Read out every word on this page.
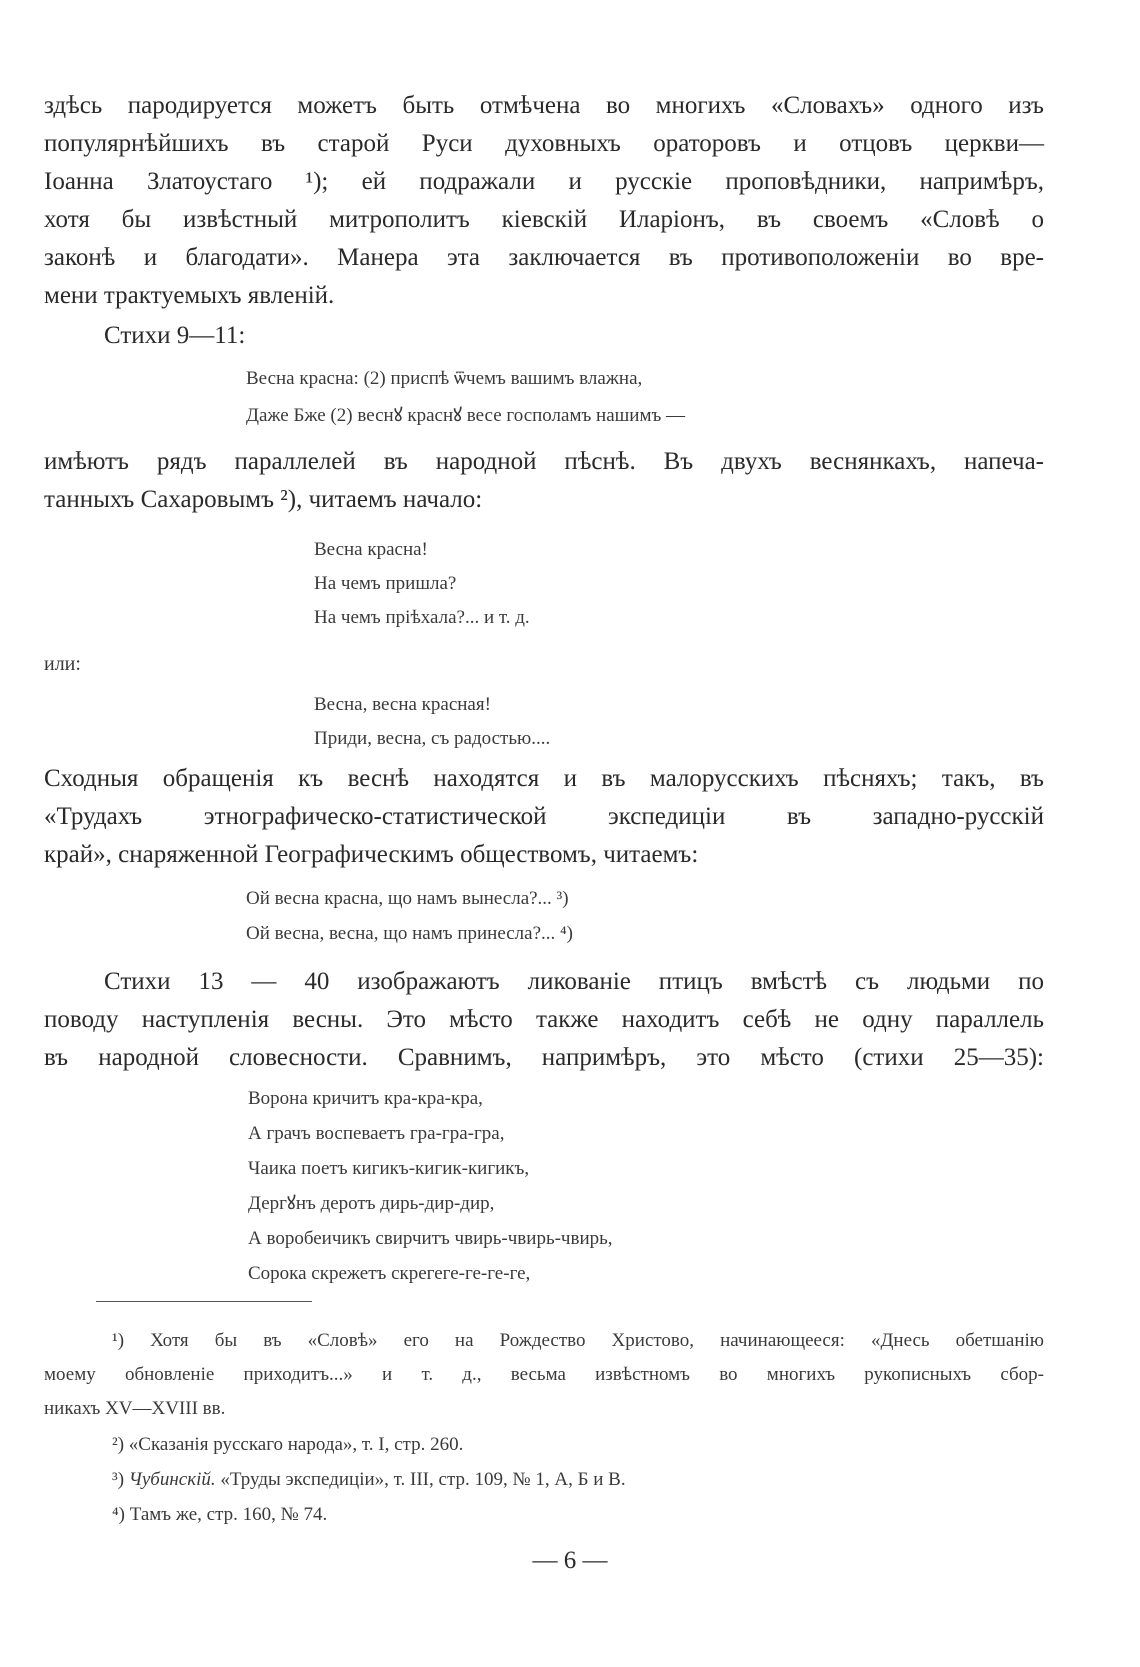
здѣсь пародируется можетъ быть отмѣчена во многихъ «Словахъ» одного изъ
популярнѣйшихъ въ старой Руси духовныхъ ораторовъ и отцовъ церкви—
Іоанна Златоустаго ¹); ей подражали и русскіе проповѣдники, напримѣръ,
хотя бы извѣстный митрополитъ кіевскій Иларіонъ, въ своемъ «Словѣ о
законѣ и благодати». Манера эта заключается въ противоположеніи во вре-
мени трактуемыхъ явленій.
Стихи 9—11:
Весна красна: (2) приспѣ ѿчемъ вашимъ влажна,
Даже Бже (2) веснꙋ краснꙋ весе госполамъ нашимъ —
имѣютъ рядъ параллелей въ народной пѣснѣ. Въ двухъ веснянкахъ, напеча-
танныхъ Сахаровымъ ²), читаемъ начало:
Весна красна!
На чемъ пришла?
На чемъ пріѣхала?... и т. д.
или:
Весна, весна красная!
Приди, весна, съ радостью....
Сходныя обращенія къ веснѣ находятся и въ малорусскихъ пѣсняхъ; такъ, въ
«Трудахъ этнографическо-статистической экспедиціи въ западно-русскій
край», снаряженной Географическимъ обществомъ, читаемъ:
Ой весна красна, що намъ вынесла?... ³)
Ой весна, весна, що намъ принесла?... ⁴)
Стихи 13 — 40 изображаютъ ликованіе птицъ вмѣстѣ съ людьми по
поводу наступленія весны. Это мѣсто также находитъ себѣ не одну параллель
въ народной словесности. Сравнимъ, напримѣръ, это мѣсто (стихи 25—35):
Ворона кричитъ кра-кра-кра,
А грачъ воспеваетъ гра-гра-гра,
Чаика поетъ кигикъ-кигик-кигикъ,
Дергꙋнъ деротъ дирь-дир-дир,
А воробеичикъ свирчитъ чвирь-чвирь-чвирь,
Сорока скрежетъ скрегеге-ге-ге-ге,
¹) Хотя бы въ «Словѣ» его на Рождество Христово, начинающееся: «Днесь обетшанію
моему обновленіе приходитъ...» и т. д., весьма извѣстномъ во многихъ рукописныхъ сбор-
никахъ XV—XVIII вв.
²) «Сказанія русскаго народа», т. I, стр. 260.
³) Чубинскій. «Труды экспедиціи», т. III, стр. 109, № 1, А, Б и В.
⁴) Тамъ же, стр. 160, № 74.
— 6 —
